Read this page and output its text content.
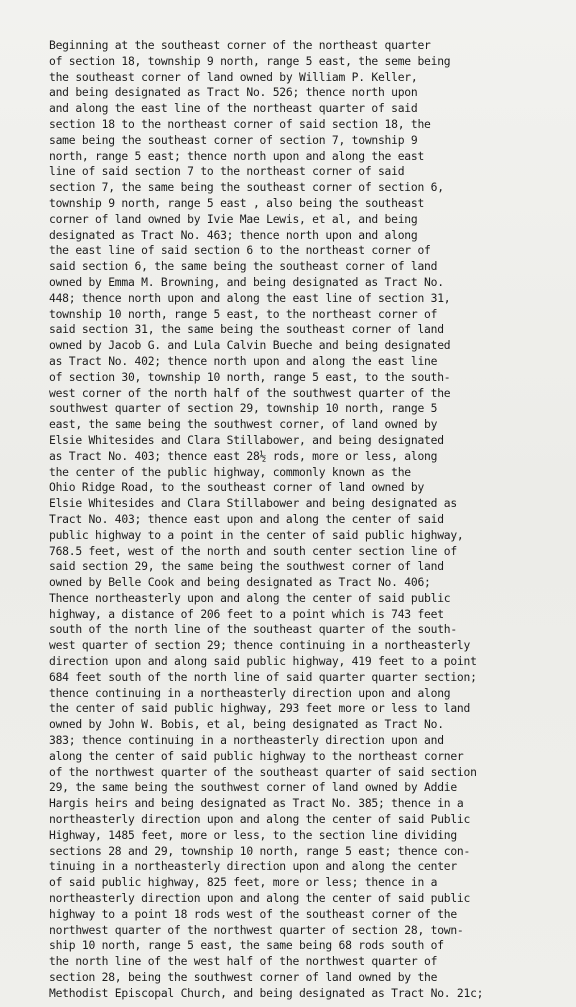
Beginning at the southeast corner of the northeast quarter
of section 18, township 9 north, range 5 east, the seme being
the southeast corner of land owned by William P. Keller,
and being designated as Tract No. 526; thence north upon
and along the east line of the northeast quarter of said
section 18 to the northeast corner of said section 18, the
same being the southeast corner of section 7, township 9
north, range 5 east; thence north upon and along the east
line of said section 7 to the northeast corner of said
section 7, the same being the southeast corner of section 6,
township 9 north, range 5 east , also being the southeast
corner of land owned by Ivie Mae Lewis, et al, and being
designated as Tract No. 463; thence north upon and along
the east line of said section 6 to the northeast corner of
said section 6, the same being the southeast corner of land
owned by Emma M. Browning, and being designated as Tract No.
448; thence north upon and along the east line of section 31,
township 10 north, range 5 east, to the northeast corner of
said section 31, the same being the southeast corner of land
owned by Jacob G. and Lula Calvin Bueche and being designated
as Tract No. 402; thence north upon and along the east line
of section 30, township 10 north, range 5 east, to the south-
west corner of the north half of the southwest quarter of the
southwest quarter of section 29, township 10 north, range 5
east, the same being the southwest corner, of land owned by
Elsie Whitesides and Clara Stillabower, and being designated
as Tract No. 403; thence east 28½ rods, more or less, along
the center of the public highway, commonly known as the
Ohio Ridge Road, to the southeast corner of land owned by
Elsie Whitesides and Clara Stillabower and being designated as
Tract No. 403; thence east upon and along the center of said
public highway to a point in the center of said public highway,
768.5 feet, west of the north and south center section line of
said section 29, the same being the southwest corner of land
owned by Belle Cook and being designated as Tract No. 406;
Thence northeasterly upon and along the center of said public
highway, a distance of 206 feet to a point which is 743 feet
south of the north line of the southeast quarter of the south-
west quarter of section 29; thence continuing in a northeasterly
direction upon and along said public highway, 419 feet to a point
684 feet south of the north line of said quarter quarter section;
thence continuing in a northeasterly direction upon and along
the center of said public highway, 293 feet more or less to land
owned by John W. Bobis, et al, being designated as Tract No.
383; thence continuing in a northeasterly direction upon and
along the center of said public highway to the northeast corner
of the northwest quarter of the southeast quarter of said section
29, the same being the southwest corner of land owned by Addie
Hargis heirs and being designated as Tract No. 385; thence in a
northeasterly direction upon and along the center of said Public
Highway, 1485 feet, more or less, to the section line dividing
sections 28 and 29, township 10 north, range 5 east; thence con-
tinuing in a northeasterly direction upon and along the center
of said public highway, 825 feet, more or less; thence in a
northeasterly direction upon and along the center of said public
highway to a point 18 rods west of the southeast corner of the
northwest quarter of the northwest quarter of section 28, town-
ship 10 north, range 5 east, the same being 68 rods south of
the north line of the west half of the northwest quarter of
section 28, being the southwest corner of land owned by the
Methodist Episcopal Church, and being designated as Tract No. 21c;
